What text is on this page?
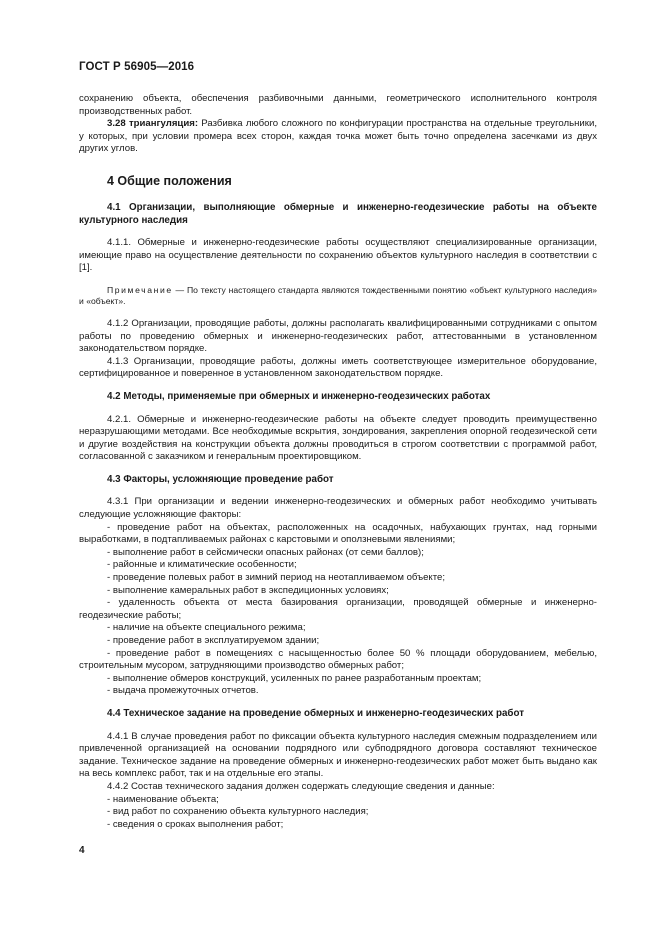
ГОСТ Р 56905—2016

сохранению объекта, обеспечения разбивочными данными, геометрического исполнительного контроля производственных работ.

3.28 триангуляция: Разбивка любого сложного по конфигурации пространства на отдельные треугольники, у которых, при условии промера всех сторон, каждая точка может быть точно определена засечками из двух других углов.

4 Общие положения

4.1 Организации, выполняющие обмерные и инженерно-геодезические работы на объекте культурного наследия

4.1.1. Обмерные и инженерно-геодезические работы осуществляют специализированные организации, имеющие право на осуществление деятельности по сохранению объектов культурного наследия в соответствии с [1].

Примечание — По тексту настоящего стандарта являются тождественными понятию «объект культурного наследия» и «объект».

4.1.2 Организации, проводящие работы, должны располагать квалифицированными сотрудниками с опытом работы по проведению обмерных и инженерно-геодезических работ, аттестованными в установленном законодательством порядке.

4.1.3 Организации, проводящие работы, должны иметь соответствующее измерительное оборудование, сертифицированное и поверенное в установленном законодательством порядке.

4.2 Методы, применяемые при обмерных и инженерно-геодезических работах

4.2.1. Обмерные и инженерно-геодезические работы на объекте следует проводить преимущественно неразрушающими методами. Все необходимые вскрытия, зондирования, закрепления опорной геодезической сети и другие воздействия на конструкции объекта должны проводиться в строгом соответствии с программой работ, согласованной с заказчиком и генеральным проектировщиком.

4.3 Факторы, усложняющие проведение работ

4.3.1 При организации и ведении инженерно-геодезических и обмерных работ необходимо учитывать следующие усложняющие факторы:

- проведение работ на объектах, расположенных на осадочных, набухающих грунтах, над горными выработками, в подтапливаемых районах с карстовыми и оползневыми явлениями;
- выполнение работ в сейсмически опасных районах (от семи баллов);
- районные и климатические особенности;
- проведение полевых работ в зимний период на неотапливаемом объекте;
- выполнение камеральных работ в экспедиционных условиях;
- удаленность объекта от места базирования организации, проводящей обмерные и инженерно-геодезические работы;
- наличие на объекте специального режима;
- проведение работ в эксплуатируемом здании;
- проведение работ в помещениях с насыщенностью более 50 % площади оборудованием, мебелью, строительным мусором, затрудняющими производство обмерных работ;
- выполнение обмеров конструкций, усиленных по ранее разработанным проектам;
- выдача промежуточных отчетов.

4.4 Техническое задание на проведение обмерных и инженерно-геодезических работ

4.4.1 В случае проведения работ по фиксации объекта культурного наследия смежным подразделением или привлеченной организацией на основании подрядного или субподрядного договора составляют техническое задание. Техническое задание на проведение обмерных и инженерно-геодезических работ может быть выдано как на весь комплекс работ, так и на отдельные его этапы.

4.4.2 Состав технического задания должен содержать следующие сведения и данные:

- наименование объекта;
- вид работ по сохранению объекта культурного наследия;
- сведения о сроках выполнения работ;
4
